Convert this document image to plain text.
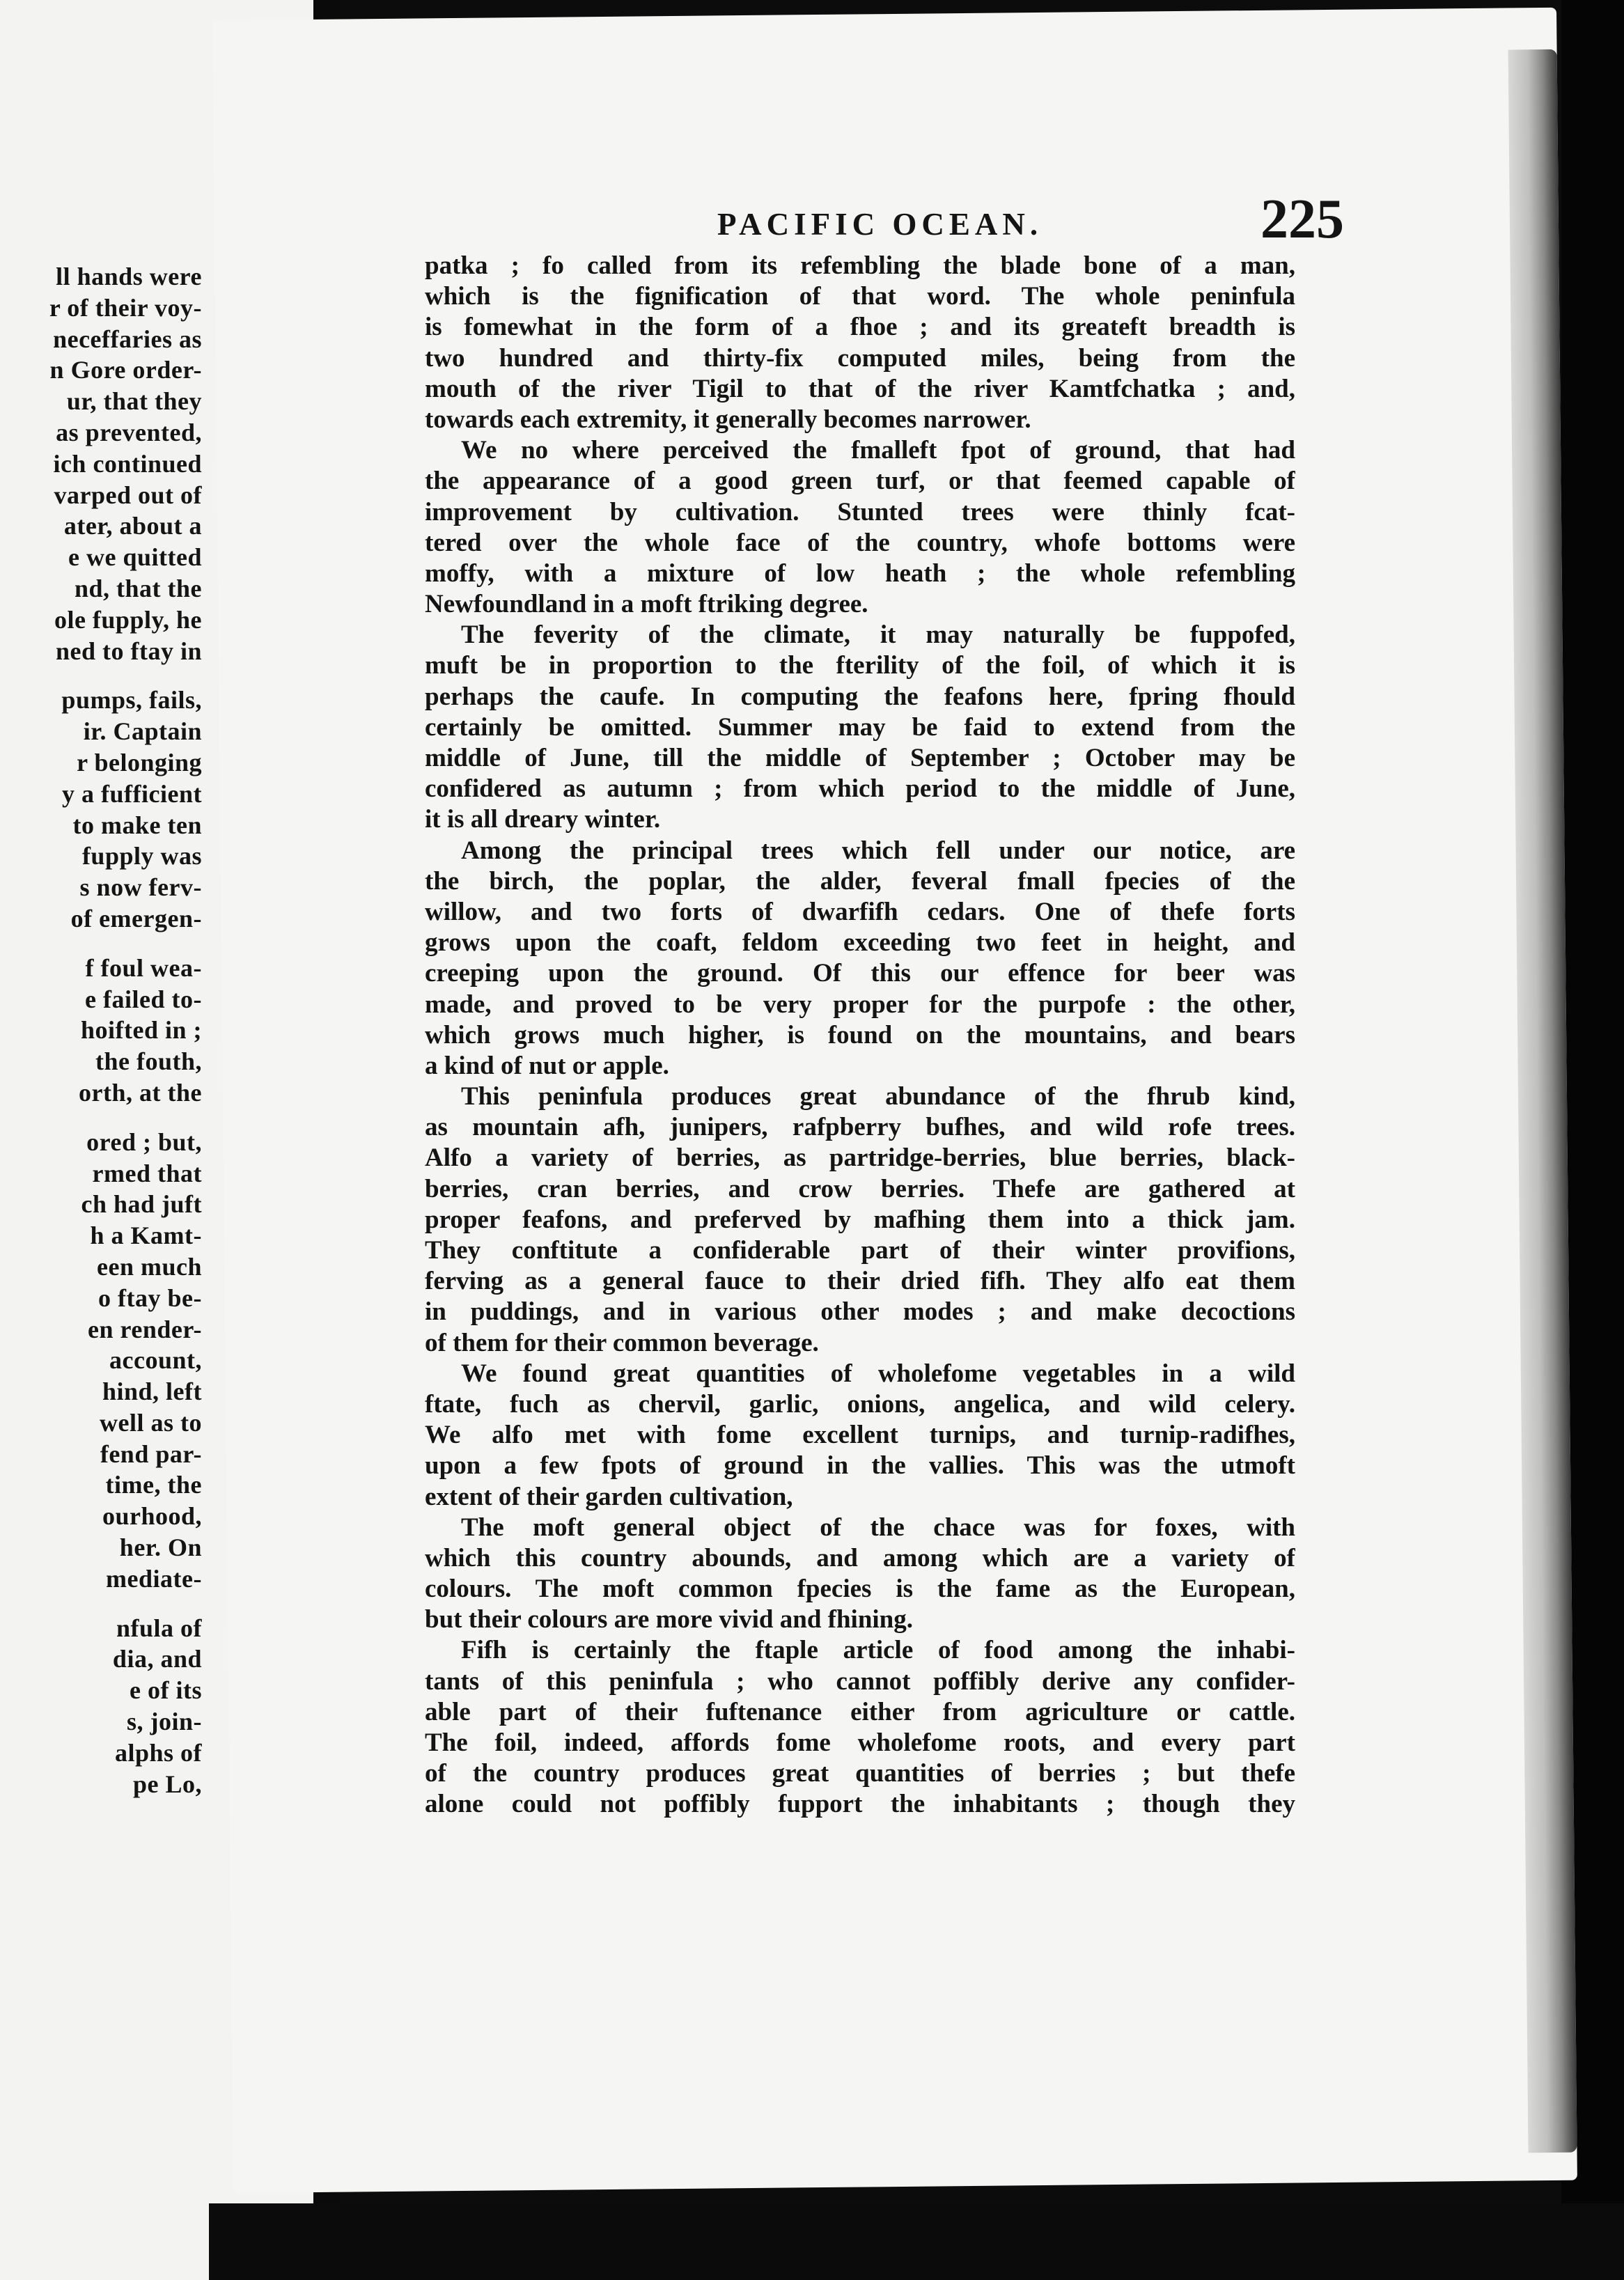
ll hands were
r of their voy-
neceffaries as
n Gore order-
ur, that they
as prevented,
ich continued
varped out of
ater, about a
e we quitted
nd, that the
ole fupply, he
ned to ftay in
pumps, fails,
ir. Captain
r belonging
y a fufficient
to make ten
fupply was
s now ferv-
of emergen-
f foul wea-
e failed to-
hoifted in ;
the fouth,
orth, at the
ored ; but,
rmed that
ch had juft
h a Kamt-
een much
o ftay be-
en render-
account,
hind, left
well as to
fend par-
time, the
ourhood,
her. On
mediate-
nfula of
dia, and
e of its
s, join-
alphs of
pe Lo,
PACIFIC OCEAN.	225
patka ; fo called from its refembling the blade bone of a man,
which is the fignification of that word. The whole peninfula
is fomewhat in the form of a fhoe ; and its greateft breadth is
two hundred and thirty-fix computed miles, being from the
mouth of the river Tigil to that of the river Kamtfchatka ; and,
towards each extremity, it generally becomes narrower.
We no where perceived the fmalleft fpot of ground, that had
the appearance of a good green turf, or that feemed capable of
improvement by cultivation. Stunted trees were thinly fcat-
tered over the whole face of the country, whofe bottoms were
moffy, with a mixture of low heath ; the whole refembling
Newfoundland in a moft ftriking degree.
The feverity of the climate, it may naturally be fuppofed,
muft be in proportion to the fterility of the foil, of which it is
perhaps the caufe. In computing the feafons here, fpring fhould
certainly be omitted. Summer may be faid to extend from the
middle of June, till the middle of September ; October may be
confidered as autumn ; from which period to the middle of June,
it is all dreary winter.
Among the principal trees which fell under our notice, are
the birch, the poplar, the alder, feveral fmall fpecies of the
willow, and two forts of dwarfifh cedars. One of thefe forts
grows upon the coaft, feldom exceeding two feet in height, and
creeping upon the ground. Of this our effence for beer was
made, and proved to be very proper for the purpofe : the other,
which grows much higher, is found on the mountains, and bears
a kind of nut or apple.
This peninfula produces great abundance of the fhrub kind,
as mountain afh, junipers, rafpberry bufhes, and wild rofe trees.
Alfo a variety of berries, as partridge-berries, blue berries, black-
berries, cran berries, and crow berries. Thefe are gathered at
proper feafons, and preferved by mafhing them into a thick jam.
They conftitute a confiderable part of their winter provifions,
ferving as a general fauce to their dried fifh. They alfo eat them
in puddings, and in various other modes ; and make decoctions
of them for their common beverage.
We found great quantities of wholefome vegetables in a wild
ftate, fuch as chervil, garlic, onions, angelica, and wild celery.
We alfo met with fome excellent turnips, and turnip-radifhes,
upon a few fpots of ground in the vallies. This was the utmoft
extent of their garden cultivation,
The moft general object of the chace was for foxes, with
which this country abounds, and among which are a variety of
colours. The moft common fpecies is the fame as the European,
but their colours are more vivid and fhining.
Fifh is certainly the ftaple article of food among the inhabi-
tants of this peninfula ; who cannot poffibly derive any confider-
able part of their fuftenance either from agriculture or cattle.
The foil, indeed, affords fome wholefome roots, and every part
of the country produces great quantities of berries ; but thefe
alone could not poffibly fupport the inhabitants ; though they
